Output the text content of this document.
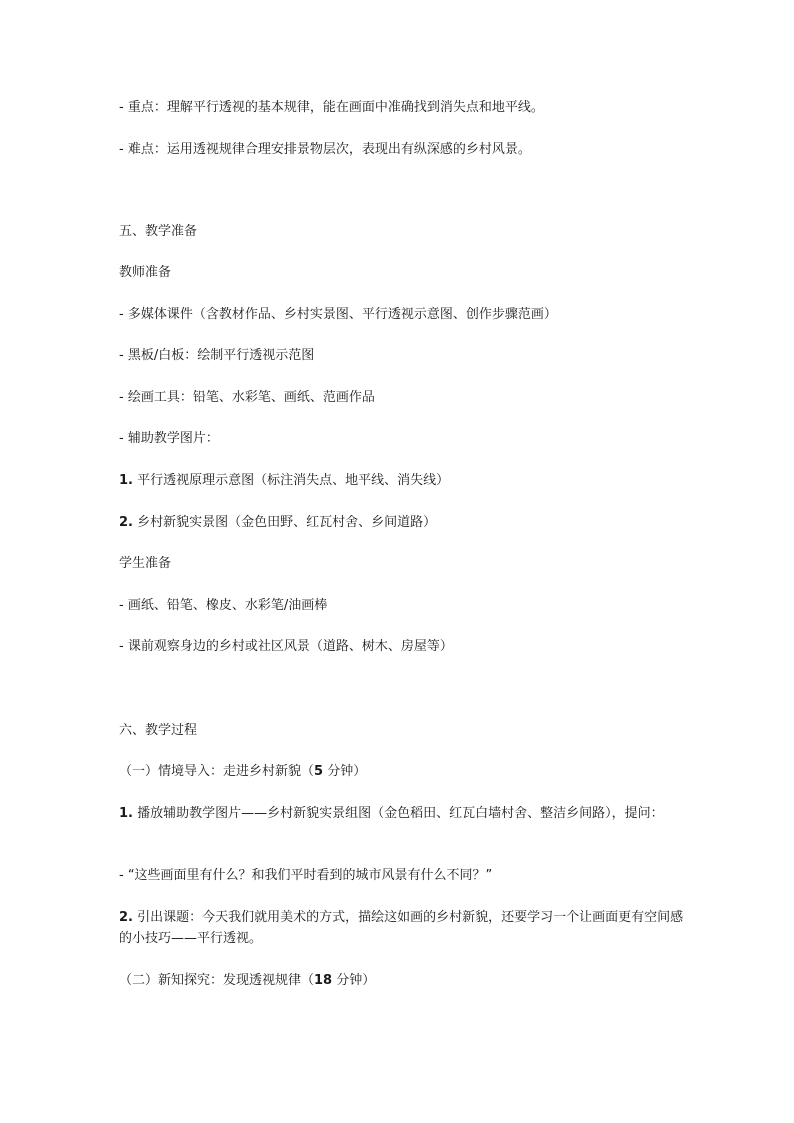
- 重点：理解平行透视的基本规律，能在画面中准确找到消失点和地平线。
- 难点：运用透视规律合理安排景物层次，表现出有纵深感的乡村风景。
五、教学准备
教师准备
- 多媒体课件（含教材作品、乡村实景图、平行透视示意图、创作步骤范画）
- 黑板/白板：绘制平行透视示范图
- 绘画工具：铅笔、水彩笔、画纸、范画作品
- 辅助教学图片：
1. 平行透视原理示意图（标注消失点、地平线、消失线）
2. 乡村新貌实景图（金色田野、红瓦村舍、乡间道路）
学生准备
- 画纸、铅笔、橡皮、水彩笔/油画棒
- 课前观察身边的乡村或社区风景（道路、树木、房屋等）
六、教学过程
（一）情境导入：走进乡村新貌（5 分钟）
1. 播放辅助教学图片——乡村新貌实景组图（金色稻田、红瓦白墙村舍、整洁乡间路），提问：
- “这些画面里有什么？和我们平时看到的城市风景有什么不同？”
2. 引出课题：今天我们就用美术的方式，描绘这如画的乡村新貌，还要学习一个让画面更有空间感的小技巧——平行透视。
（二）新知探究：发现透视规律（18 分钟）
